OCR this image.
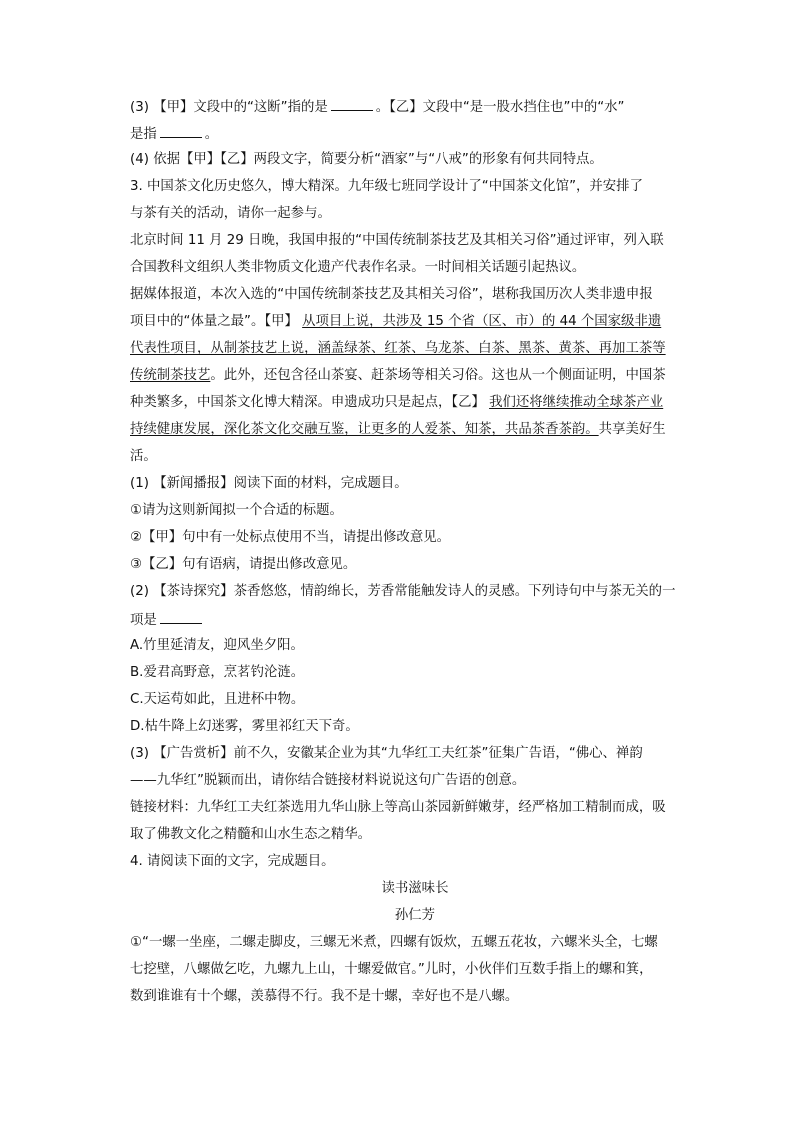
(3) 【甲】文段中的“这断”指的是	。【乙】文段中“是一股水挡住也”中的“水”
是指	。
(4) 依据【甲】【乙】两段文字，简要分析“酒家”与“八戒”的形象有何共同特点。
3. 中国茶文化历史悠久，博大精深。九年级七班同学设计了“中国茶文化馆”，并安排了
与茶有关的活动，请你一起参与。
北京时间 11 月 29 日晚，我国申报的“中国传统制茶技艺及其相关习俗”通过评审，列入联
合国教科文组织人类非物质文化遗产代表作名录。一时间相关话题引起热议。
据媒体报道，本次入选的“中国传统制茶技艺及其相关习俗”，堪称我国历次人类非遗申报
项目中的“体量之最”。【甲】 从项目上说，共涉及 15 个省（区、市）的 44 个国家级非遗
代表性项目，从制茶技艺上说，涵盖绿茶、红茶、乌龙茶、白茶、黑茶、黄茶、再加工茶等
传统制茶技艺。此外，还包含径山茶宴、赶茶场等相关习俗。这也从一个侧面证明，中国茶
种类繁多，中国茶文化博大精深。申遗成功只是起点，【乙】 我们还将继续推动全球茶产业
持续健康发展，深化茶文化交融互鉴，让更多的人爱茶、知茶，共品茶香茶韵。共享美好生
活。
(1) 【新闻播报】阅读下面的材料，完成题目。
①请为这则新闻拟一个合适的标题。
②【甲】句中有一处标点使用不当，请提出修改意见。
③【乙】句有语病，请提出修改意见。
(2) 【茶诗探究】茶香悠悠，情韵绵长，芳香常能触发诗人的灵感。下列诗句中与茶无关的一
项是
A.竹里延清友，迎风坐夕阳。
B.爱君高野意，烹茗钓沦涟。
C.天运苟如此，且进杯中物。
D.枯牛降上幻迷雾，雾里祁红天下奇。
(3) 【广告赏析】前不久，安徽某企业为其“九华红工夫红茶”征集广告语，“佛心、禅韵
——九华红”脱颖而出，请你结合链接材料说说这句广告语的创意。
链接材料：九华红工夫红茶选用九华山脉上等高山茶园新鲜嫩芽，经严格加工精制而成，吸
取了佛教文化之精髓和山水生态之精华。
4. 请阅读下面的文字，完成题目。
读书滋味长
孙仁芳
①“一螺一坐座，二螺走脚皮，三螺无米煮，四螺有饭炊，五螺五花妆，六螺米头全，七螺
七挖壁，八螺做乞吃，九螺九上山，十螺爱做官。”儿时，小伙伴们互数手指上的螺和箕，
数到谁谁有十个螺，羡慕得不行。我不是十螺，幸好也不是八螺。
